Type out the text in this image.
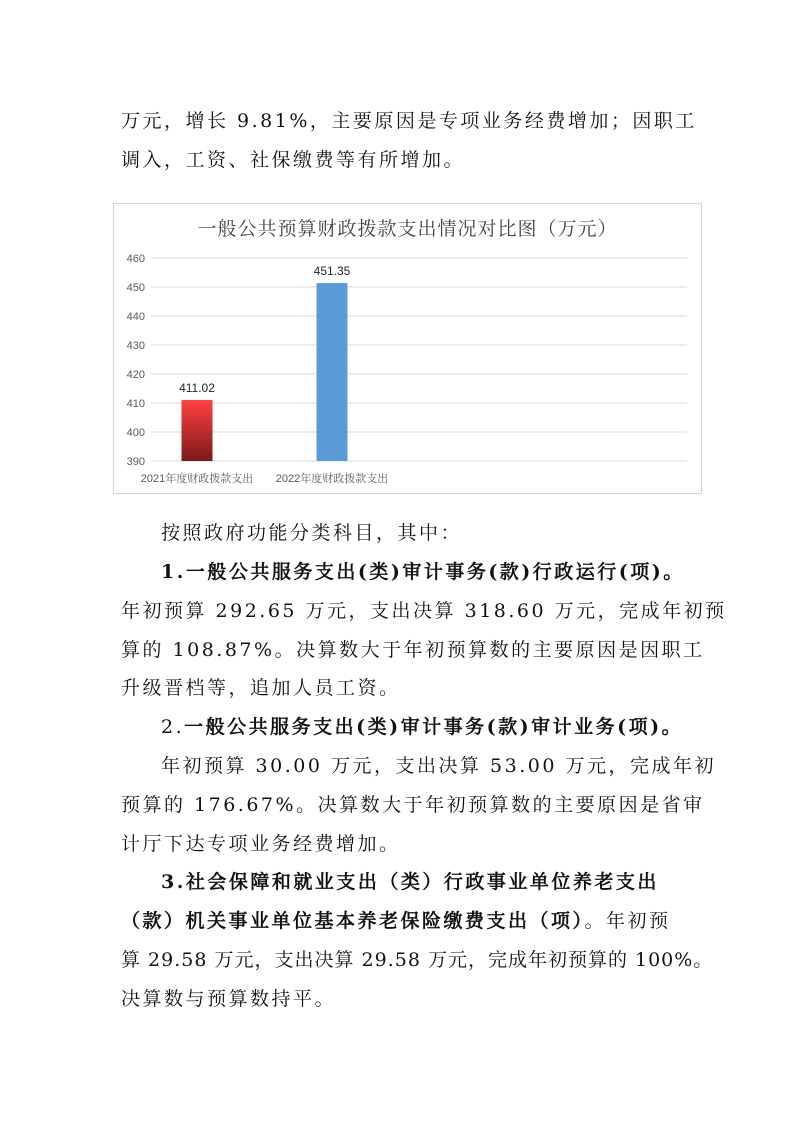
万元，增长 9.81%，主要原因是专项业务经费增加；因职工
调入，工资、社保缴费等有所增加。
一般公共预算财政拨款支出情况对比图（万元）
390
400
410
420
430
440
450
460
411.02
2021年度财政拨款支出
451.35
2022年度财政拨款支出
按照政府功能分类科目，其中：
1.一般公共服务支出(类)审计事务(款)行政运行(项)。
年初预算 292.65 万元，支出决算 318.60 万元，完成年初预
算的 108.87%。决算数大于年初预算数的主要原因是因职工
升级晋档等，追加人员工资。
2.一般公共服务支出(类)审计事务(款)审计业务(项)。
年初预算 30.00 万元，支出决算 53.00 万元，完成年初
预算的 176.67%。决算数大于年初预算数的主要原因是省审
计厅下达专项业务经费增加。
3.社会保障和就业支出（类）行政事业单位养老支出
（款）机关事业单位基本养老保险缴费支出（项）。年初预
算 29.58 万元，支出决算 29.58 万元，完成年初预算的 100%。
决算数与预算数持平。
